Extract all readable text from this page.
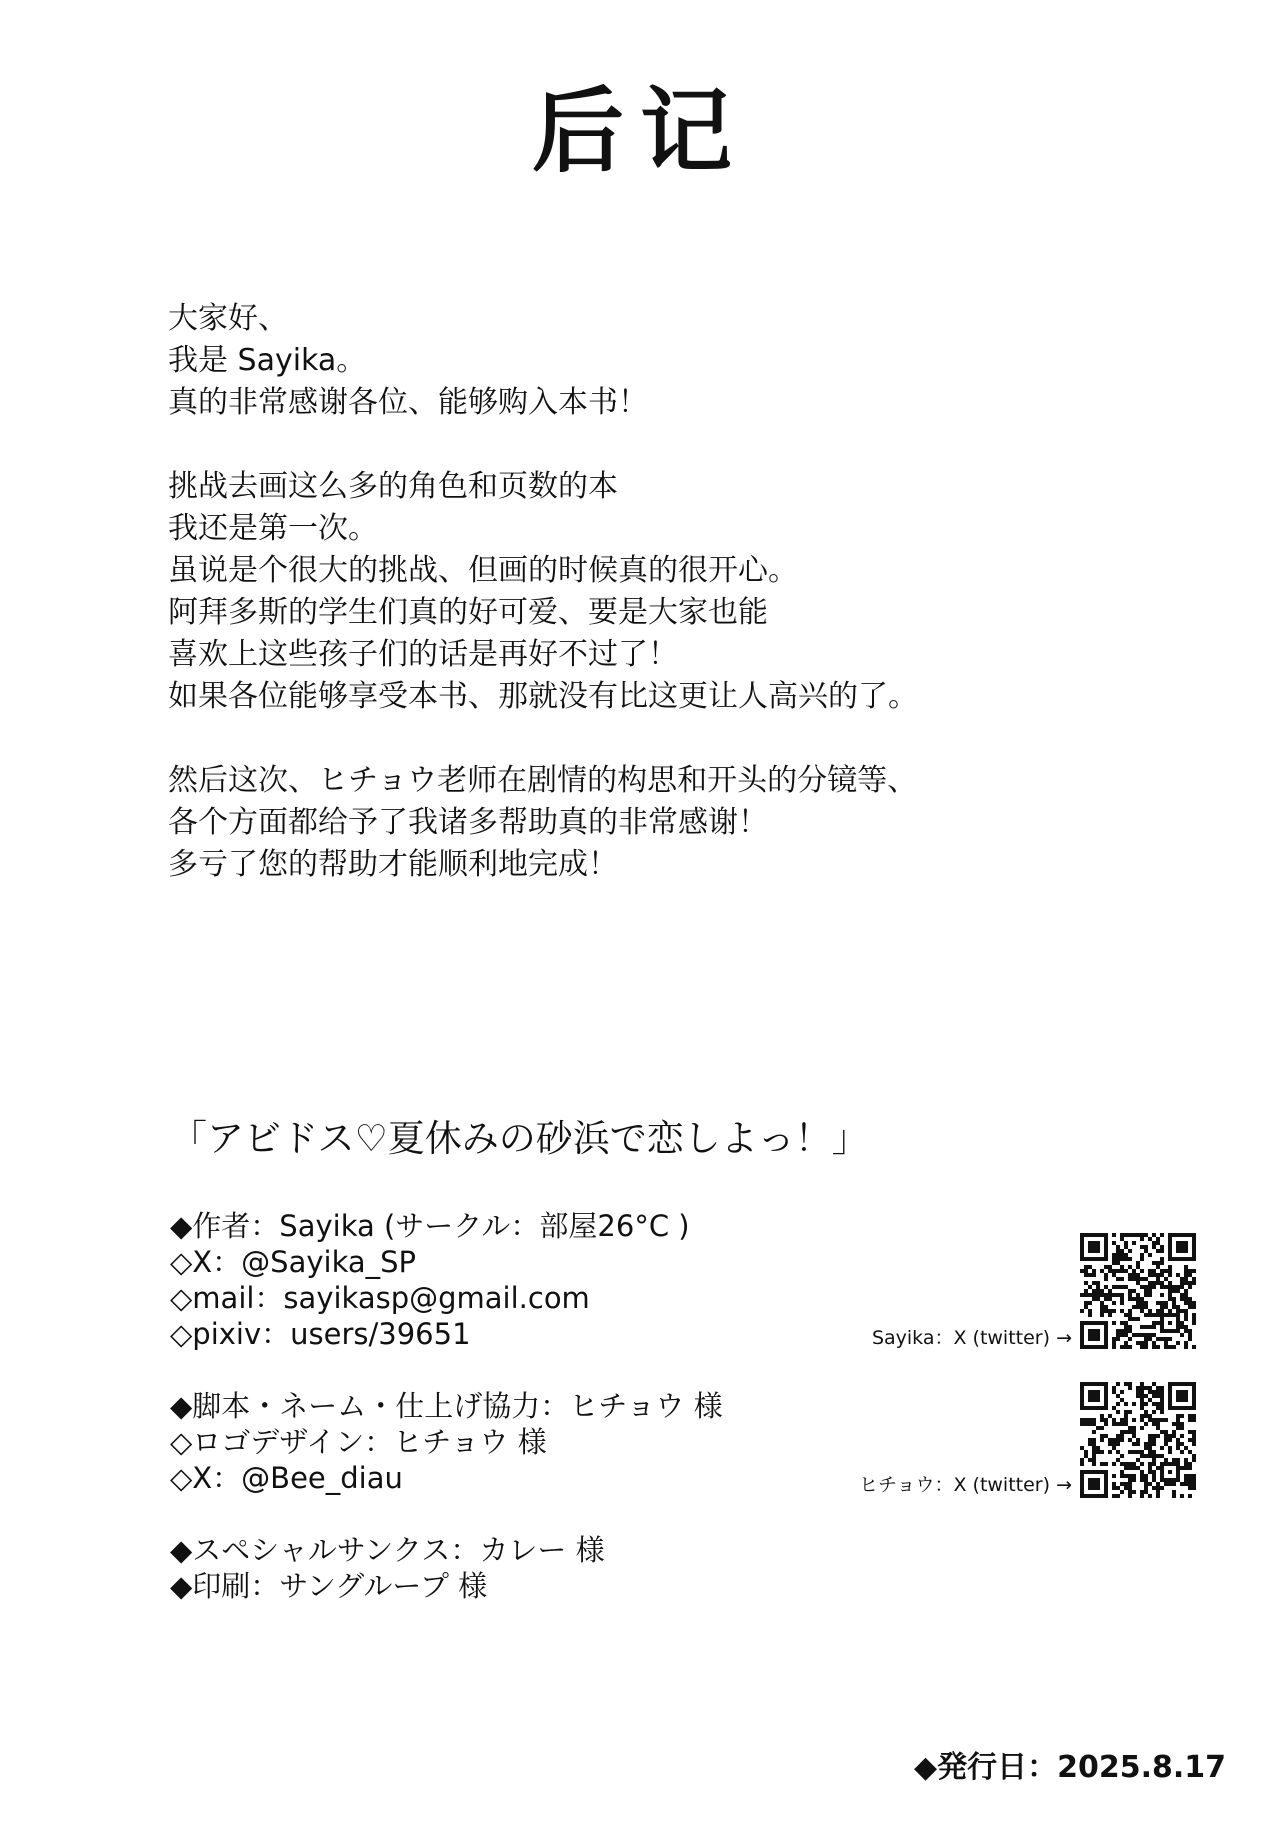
后记
大家好、
我是 Sayika。
真的非常感谢各位、能够购入本书！
挑战去画这么多的角色和页数的本
我还是第一次。
虽说是个很大的挑战、但画的时候真的很开心。
阿拜多斯的学生们真的好可爱、要是大家也能
喜欢上这些孩子们的话是再好不过了！
如果各位能够享受本书、那就没有比这更让人高兴的了。
然后这次、ヒチョウ老师在剧情的构思和开头的分镜等、
各个方面都给予了我诸多帮助真的非常感谢！
多亏了您的帮助才能顺利地完成！
「アビドス♡夏休みの砂浜で恋しよっ！」
◆作者：Sayika (サークル：部屋26°C )
◇X：@Sayika_SP
◇mail：sayikasp@gmail.com
◇pixiv：users/39651
◆脚本・ネーム・仕上げ協力：ヒチョウ 様
◇ロゴデザイン：ヒチョウ 様
◇X：@Bee_diau
◆スペシャルサンクス：カレー 様
◆印刷：サングループ 様
Sayika：X (twitter) →
ヒチョウ：X (twitter) →
◆発行日：2025.8.17
